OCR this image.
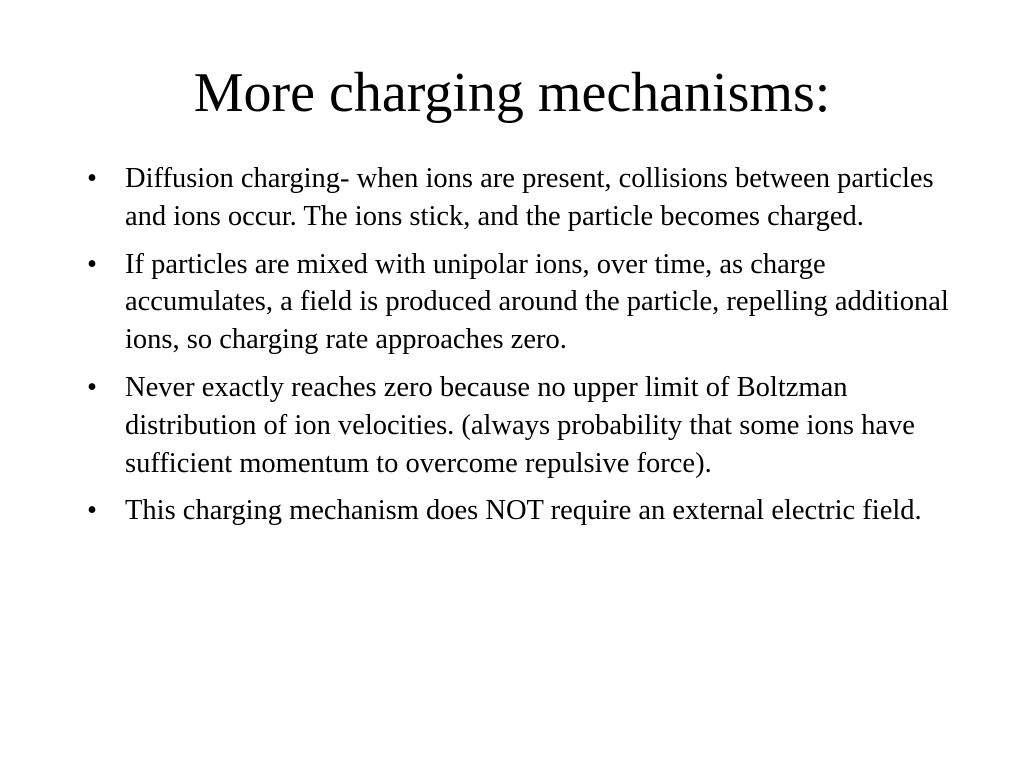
More charging mechanisms:
• Diffusion charging- when ions are present, collisions between particles and ions occur. The ions stick, and the particle becomes charged.
• If particles are mixed with unipolar ions, over time, as charge accumulates, a field is produced around the particle, repelling additional ions, so charging rate approaches zero.
• Never exactly reaches zero because no upper limit of Boltzman distribution of ion velocities. (always probability that some ions have sufficient momentum to overcome repulsive force).
• This charging mechanism does NOT require an external electric field.
